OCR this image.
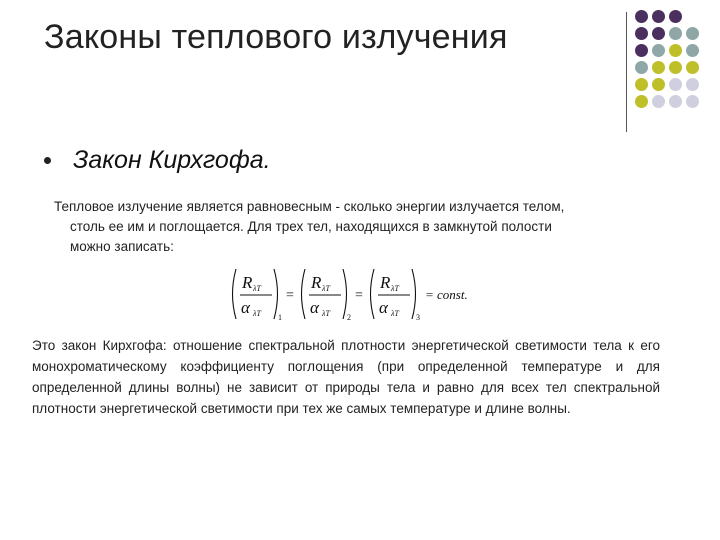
Законы теплового излучения
Закон Кирхгофа.
Тепловое излучение является равновесным - сколько энергии излучается телом,
столь ее им и поглощается. Для трех тел, находящихся в замкнутой полости
можно записать:
R λT
α λT 1
=
R λT
α λT 2
=
R λT
α λT 3
= const.
Это закон Кирхгофа: отношение спектральной плотности энергетической светимости тела к его монохроматическому коэффициенту поглощения (при определенной температуре и для определенной длины волны) не зависит от природы тела и равно для всех тел спектральной плотности энергетической светимости при тех же самых температуре и длине волны.
